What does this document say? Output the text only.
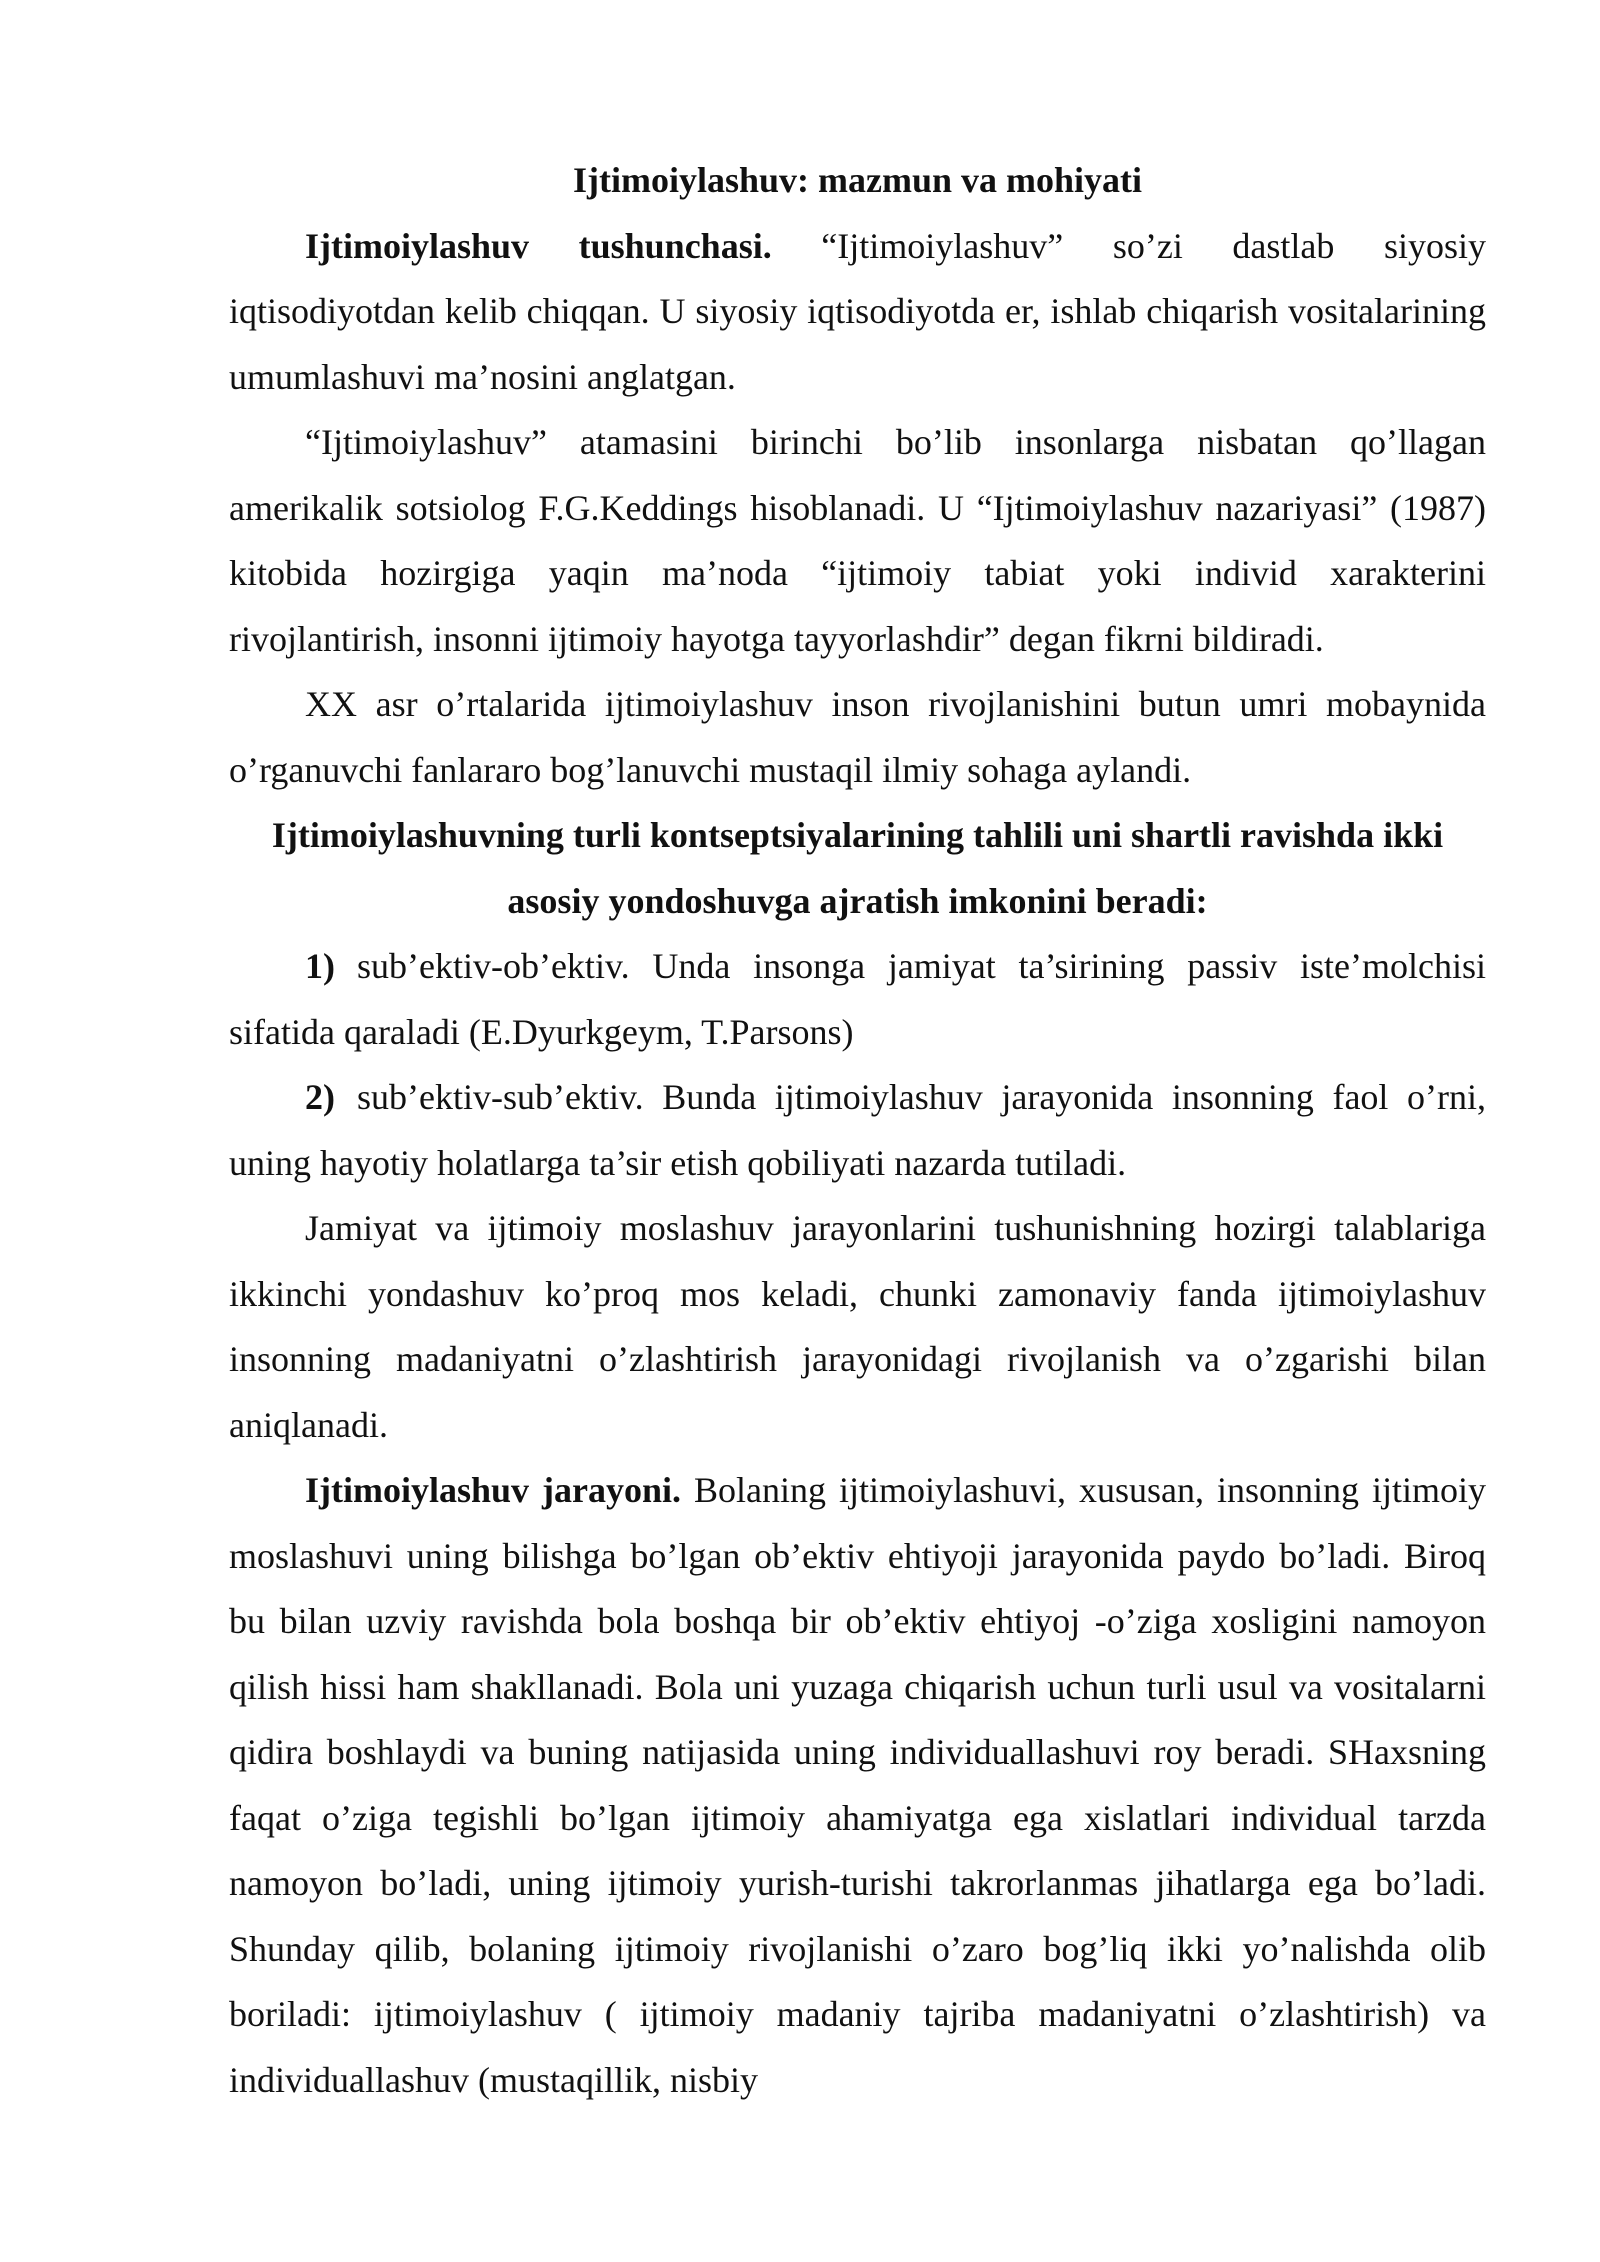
Ijtimoiylashuv: mazmun va mohiyati

Ijtimoiylashuv tushunchasi. “Ijtimoiylashuv” so’zi dastlab siyosiy iqtisodiyotdan kelib chiqqan. U siyosiy iqtisodiyotda er, ishlab chiqarish vositalarining umumlashuvi ma’nosini anglatgan.

“Ijtimoiylashuv” atamasini birinchi bo’lib insonlarga nisbatan qo’llagan amerikalik sotsiolog F.G.Keddings hisoblanadi. U “Ijtimoiylashuv nazariyasi” (1987) kitobida hozirgiga yaqin ma’noda “ijtimoiy tabiat yoki individ xarakterini rivojlantirish, insonni ijtimoiy hayotga tayyorlashdir” degan fikrni bildiradi.

XX asr o’rtalarida ijtimoiylashuv inson rivojlanishini butun umri mobaynida o’rganuvchi fanlararo bog’lanuvchi mustaqil ilmiy sohaga aylandi.

Ijtimoiylashuvning turli kontseptsiyalarining tahlili uni shartli ravishda ikki asosiy yondoshuvga ajratish imkonini beradi:

1) sub’ektiv-ob’ektiv. Unda insonga jamiyat ta’sirining passiv iste’molchisi sifatida qaraladi (E.Dyurkgeym, T.Parsons)

2) sub’ektiv-sub’ektiv. Bunda ijtimoiylashuv jarayonida insonning faol o’rni, uning hayotiy holatlarga ta’sir etish qobiliyati nazarda tutiladi.

Jamiyat va ijtimoiy moslashuv jarayonlarini tushunishning hozirgi talablariga ikkinchi yondashuv ko’proq mos keladi, chunki zamonaviy fanda ijtimoiylashuv insonning madaniyatni o’zlashtirish jarayonidagi rivojlanish va o’zgarishi bilan aniqlanadi.

Ijtimoiylashuv jarayoni. Bolaning ijtimoiylashuvi, xususan, insonning ijtimoiy moslashuvi uning bilishga bo’lgan ob’ektiv ehtiyoji jarayonida paydo bo’ladi. Biroq bu bilan uzviy ravishda bola boshqa bir ob’ektiv ehtiyoj -o’ziga xosligini namoyon qilish hissi ham shakllanadi. Bola uni yuzaga chiqarish uchun turli usul va vositalarni qidira boshlaydi va buning natijasida uning individuallashuvi roy beradi. SHaxsning faqat o’ziga tegishli bo’lgan ijtimoiy ahamiyatga ega xislatlari individual tarzda namoyon bo’ladi, uning ijtimoiy yurish-turishi takrorlanmas jihatlarga ega bo’ladi. Shunday qilib, bolaning ijtimoiy rivojlanishi o’zaro bog’liq ikki yo’nalishda olib boriladi: ijtimoiylashuv ( ijtimoiy madaniy tajriba madaniyatni o’zlashtirish) va individuallashuv (mustaqillik, nisbiy
